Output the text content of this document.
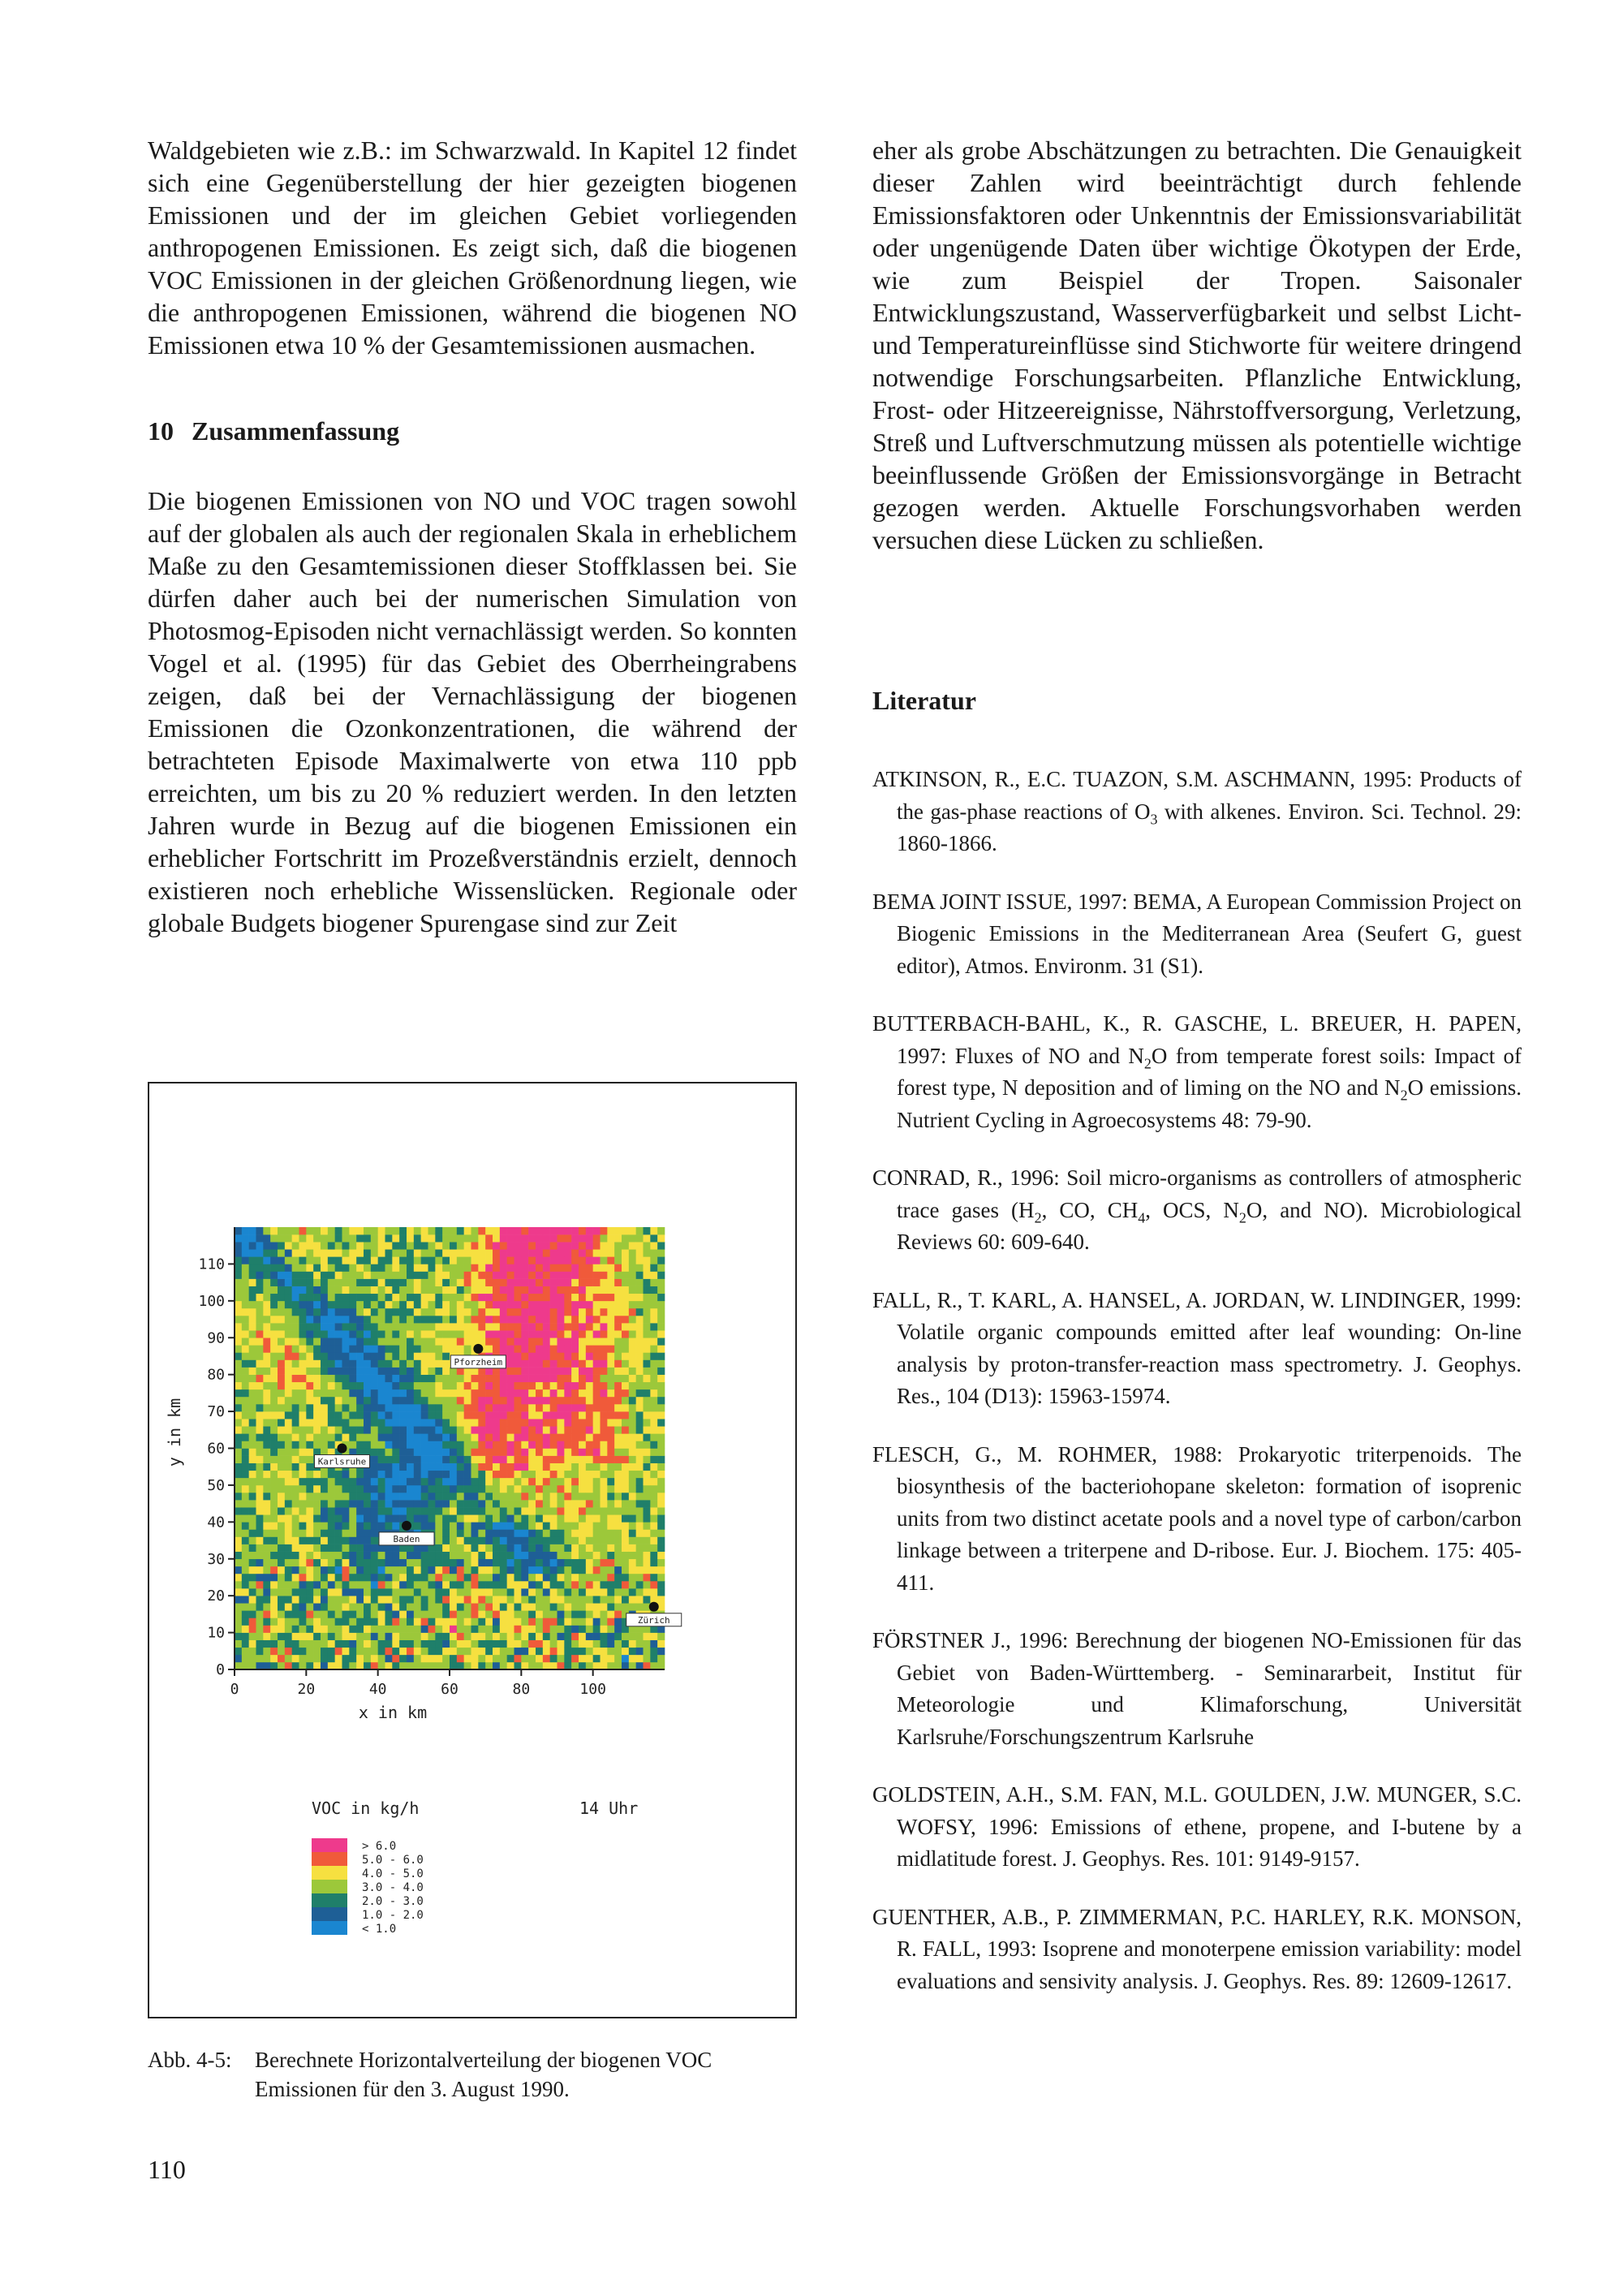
Waldgebieten wie z.B.: im Schwarzwald. In Kapitel 12 findet sich eine Gegenüberstellung der hier gezeigten biogenen Emissionen und der im gleichen Gebiet vorliegenden anthropogenen Emissionen. Es zeigt sich, daß die biogenen VOC Emissionen in der gleichen Größenordnung liegen, wie die anthropogenen Emissionen, während die biogenen NO Emissionen etwa 10 % der Gesamtemissionen ausmachen.

10 Zusammenfassung

Die biogenen Emissionen von NO und VOC tragen sowohl auf der globalen als auch der regionalen Skala in erheblichem Maße zu den Gesamtemissionen dieser Stoffklassen bei. Sie dürfen daher auch bei der numerischen Simulation von Photosmog-Episoden nicht vernachlässigt werden. So konnten Vogel et al. (1995) für das Gebiet des Oberrheingrabens zeigen, daß bei der Vernachlässigung der biogenen Emissionen die Ozonkonzentrationen, die während der betrachteten Episode Maximalwerte von etwa 110 ppb erreichten, um bis zu 20 % reduziert werden. In den letzten Jahren wurde in Bezug auf die biogenen Emissionen ein erheblicher Fortschritt im Prozeßverständnis erzielt, dennoch existieren noch erhebliche Wissenslücken. Regionale oder globale Budgets biogener Spurengase sind zur Zeit

eher als grobe Abschätzungen zu betrachten. Die Genauigkeit dieser Zahlen wird beeinträchtigt durch fehlende Emissionsfaktoren oder Unkenntnis der Emissionsvariabilität oder ungenügende Daten über wichtige Ökotypen der Erde, wie zum Beispiel der Tropen. Saisonaler Entwicklungszustand, Wasserverfügbarkeit und selbst Licht- und Temperatureinflüsse sind Stichworte für weitere dringend notwendige Forschungsarbeiten. Pflanzliche Entwicklung, Frost- oder Hitzeereignisse, Nährstoffversorgung, Verletzung, Streß und Luftverschmutzung müssen als potentielle wichtige beeinflussende Größen der Emissionsvorgänge in Betracht gezogen werden. Aktuelle Forschungsvorhaben werden versuchen diese Lücken zu schließen.

Literatur

ATKINSON, R., E.C. TUAZON, S.M. ASCHMANN, 1995: Products of the gas-phase reactions of $O_3$ with alkenes. Environ. Sci. Technol. 29: 1860-1866.

BEMA JOINT ISSUE, 1997: BEMA, A European Commission Project on Biogenic Emissions in the Mediterranean Area (Seufert G, guest editor), Atmos. Environm. 31 (S1).

BUTTERBACH-BAHL, K., R. GASCHE, L. BREUER, H. PAPEN, 1997: Fluxes of NO and $N_2O$ from temperate forest soils: Impact of forest type, N deposition and of liming on the NO and $N_2O$ emissions. Nutrient Cycling in Agroecosystems 48: 79-90.

CONRAD, R., 1996: Soil micro-organisms as controllers of atmospheric trace gases ($H_2$, CO, $CH_4$, OCS, $N_2O$, and NO). Microbiological Reviews 60: 609-640.

FALL, R., T. KARL, A. HANSEL, A. JORDAN, W. LINDINGER, 1999: Volatile organic compounds emitted after leaf wounding: On-line analysis by proton-transfer-reaction mass spectrometry. J. Geophys. Res., 104 (D13): 15963-15974.

FLESCH, G., M. ROHMER, 1988: Prokaryotic triterpenoids. The biosynthesis of the bacteriohopane skeleton: formation of isoprenic units from two distinct acetate pools and a novel type of carbon/carbon linkage between a triterpene and D-ribose. Eur. J. Biochem. 175: 405-411.

FÖRSTNER J., 1996: Berechnung der biogenen NO-Emissionen für das Gebiet von Baden-Württemberg. - Seminararbeit, Institut für Meteorologie und Klimaforschung, Universität Karlsruhe/Forschungszentrum Karlsruhe

GOLDSTEIN, A.H., S.M. FAN, M.L. GOULDEN, J.W. MUNGER, S.C. WOFSY, 1996: Emissions of ethene, propene, and I-butene by a midlatitude forest. J. Geophys. Res. 101: 9149-9157.

GUENTHER, A.B., P. ZIMMERMAN, P.C. HARLEY, R.K. MONSON, R. FALL, 1993: Isoprene and monoterpene emission variability: model evaluations and sensivity analysis. J. Geophys. Res. 89: 12609-12617.

0	20	40	60	80	100
0
10
20
30
40
50
60
70
80
90
100
110
Pforzheim
Karlsruhe
Baden
Zürich
x in km
y in km
VOC in kg/h	14 Uhr
> 6.0
5.0 - 6.0
4.0 - 5.0
3.0 - 4.0
2.0 - 3.0
1.0 - 2.0
< 1.0
Abb. 4-5: Berechnete Horizontalverteilung der biogenen VOC Emissionen für den 3. August 1990.
110
